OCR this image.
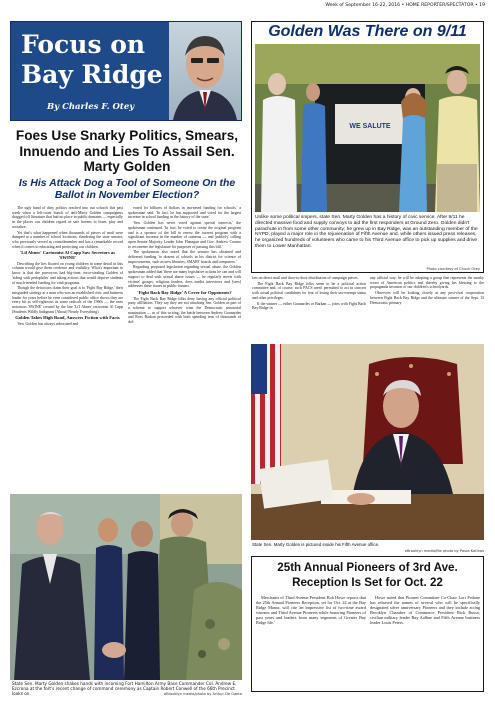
Week of September 16-22, 2016 • HOME REPORTER/SPECTATOR • 19
Focus on
Bay Ridge
By Charles F. Otey
Foes Use Snarky Politics, Smears, Innuendo and Lies To Assail Sen. Marty Golden
Is His Attack Dog a Tool of Someone On the Ballot in November Election?

The ugly hand of dirty politics reached into our schools this past week when a left-coast bunch of anti-Marty Golden campaigners dragged off literature that had no place in public domains — especially in the places our children regard as safe havens to learn, play and socialize.

Yet that's what happened when thousands of pieces of mail were dumped at a number of school locations, slandering the state senator, who previously served as councilmember and has a remarkable record when it comes to educating and protecting our children.

'Lil Abner' Cartoonist Al Capp Saw Secretors as 'SWINE'

Describing the lies floated on young children in some detail in this column would give them credence and visibility. What's important to know is that the purveyors had big-time, error-stealing Golden of 'siding with pedophiles' and taking actions that would deprive students of much-needed funding for vital programs.

Though the detractors claim their goal is to 'Fight Bay Ridge,' their misguided strategy at a man who was an established civic and business leader for years before he even considered public office shows they are every bit as self-righteous as some radicals of the 1960s — the ones notorious 'SWINE' created by the late 'Li'l Abner' cartoonist Al Capp (Students Wildly Indignant [About] Nearly Everything).

Golden Takes High Road, Answers Fiction with Facts

'Sen. Golden has always advocated and

voted for billions of dollars in increased funding for schools,' a spokesman said. 'In fact, he has supported and voted for the largest increase in school funding in the history of the state.'

'Sen. Golden has never voted against special interests,' the spokesman continued. 'In fact, he voted to create the original program and is a sponsor of the bill to renew the current program with a significant increase in the number of cameras — and 'publicly' calling upon Senate Majority Leader John Flanagan and Gov. Andrew Cuomo to reconvene the legislature for purposes of passing this bill.'

The spokesman also noted that the senator has obtained and delivered funding 'to dozens of schools in his district for science of improvements, such as new libraries, SMART boards and computers.'

Regarding proposed legislation regarding sexual abuse, the Golden spokesman added that 'there are many legislative actions he can and will support to deal with sexual abuse issues — he regularly meets with victims' groups, religious leaders, does media interviews and [sees] addresses these issues in public forums.'

'Fight Back Bay Ridge' A Cover for Opponents?

The Fight Back Bay Ridge folks deny having any official political party affiliation. They say they are not attacking Sen. Golden as part of a scheme to support whoever wins the Democratic senatorial nomination — as of this writing, the battle between Andrew Gounardes and Ross Barkan proceeded with both spending tens of thousands of dol-

State Sen. Marty Golden shakes hands with incoming Fort Hamilton Army Base Commander Col. Andrew E. Ezcrona at the fort's recent change of command ceremony as Captain Robert Conwell of the 66th Precinct looks on.	eBrooklyn media/photo by Arthur De Gaeta
Golden Was There on 9/11
WE SALUTE
Unlike some political snipers, state Sen. Marty Golden has a history of civic service. After 9/11 he directed massive food and supply convoys to aid the first responders at Ground Zero. Golden didn't parachute in from some other community; he grew up in Bay Ridge, was an outstanding member of the NYPD, played a major role in the rejuvenation of Fifth Avenue and, while others issued press releases, he organized hundreds of volunteers who came to his Third Avenue office to pick up supplies and drive them to Lower Manhattan.
Photo courtesy of Chuck Otey

lars on direct mail and door-to-door distribution of campaign pieces.

The Fight Back Bay Ridge folks seem to be a political action committee and, of course, such PACS aren't permitted to act in concert with actual political candidates for fear of losing their tax-exempt status and other privileges.

If the winner — either Gounardes or Barkan — joins with Fight Back Bay Ridge in

any official way, he will be adopting a group that represents the snarky worst of American politics and thereby giving his blessing to the propaganda invasion of our children's schoolyards.

Observers will be looking closely at any post-rival cooperation between Fight Back Bay Ridge and the ultimate winner of the Sept. 13 Democratic primary.

State Sen. Marty Golden is pictured inside his Fifth Avenue office.
eBrooklyn media/file photo by Paula Katinas
25th Annual Pioneers of 3rd Ave.
Reception Is Set for Oct. 22
Merchants of Third Avenue President Bob Howe reports that the 25th Annual Pioneers Reception, set for Oct. 22 at the Bay Ridge Manor, will cite 'an impressive list of two-time award winners and Third Avenue Pioneers while honoring Pioneers of past years and leaders from many segments of Greater Bay Ridge life.'
Howe noted that Pioneer Committee Co-Chair Lori Fedone has released the names of several who will be specifically designated silver anniversary Pioneers and they include acting Brooklyn Chamber of Commerce President Rick Russo, civilian military leader Ray Aalbue and Fifth Avenue business leader Louis Peters.
